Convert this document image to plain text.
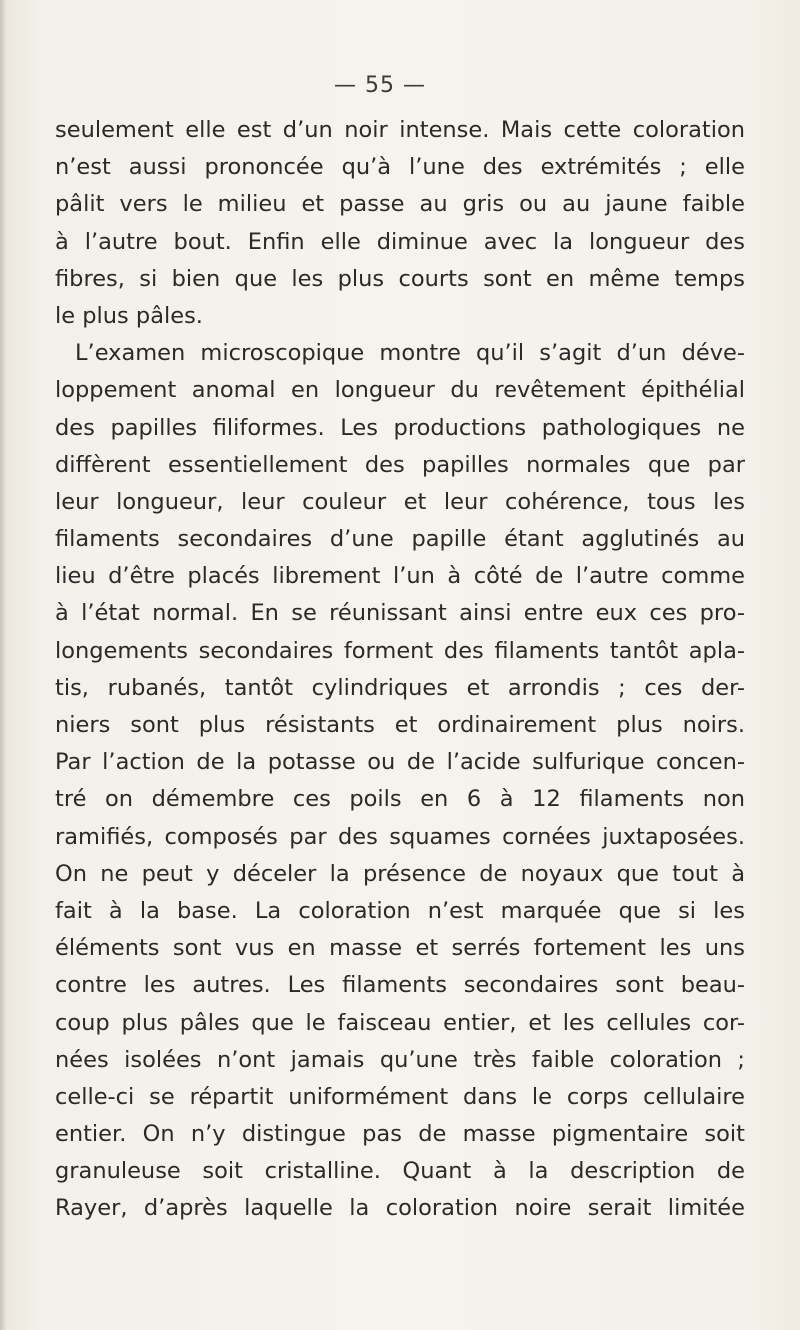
— 55 —
seulement elle est d’un noir intense. Mais cette coloration
n’est aussi prononcée qu’à l’une des extrémités ; elle
pâlit vers le milieu et passe au gris ou au jaune faible
à l’autre bout. Enfin elle diminue avec la longueur des
fibres, si bien que les plus courts sont en même temps
le plus pâles.
L’examen microscopique montre qu’il s’agit d’un déve-
loppement anomal en longueur du revêtement épithélial
des papilles filiformes. Les productions pathologiques ne
diffèrent essentiellement des papilles normales que par
leur longueur, leur couleur et leur cohérence, tous les
filaments secondaires d’une papille étant agglutinés au
lieu d’être placés librement l’un à côté de l’autre comme
à l’état normal. En se réunissant ainsi entre eux ces pro-
longements secondaires forment des filaments tantôt apla-
tis, rubanés, tantôt cylindriques et arrondis ; ces der-
niers sont plus résistants et ordinairement plus noirs.
Par l’action de la potasse ou de l’acide sulfurique concen-
tré on démembre ces poils en 6 à 12 filaments non
ramifiés, composés par des squames cornées juxtaposées.
On ne peut y déceler la présence de noyaux que tout à
fait à la base. La coloration n’est marquée que si les
éléments sont vus en masse et serrés fortement les uns
contre les autres. Les filaments secondaires sont beau-
coup plus pâles que le faisceau entier, et les cellules cor-
nées isolées n’ont jamais qu’une très faible coloration ;
celle-ci se répartit uniformément dans le corps cellulaire
entier. On n’y distingue pas de masse pigmentaire soit
granuleuse soit cristalline. Quant à la description de
Rayer, d’après laquelle la coloration noire serait limitée
